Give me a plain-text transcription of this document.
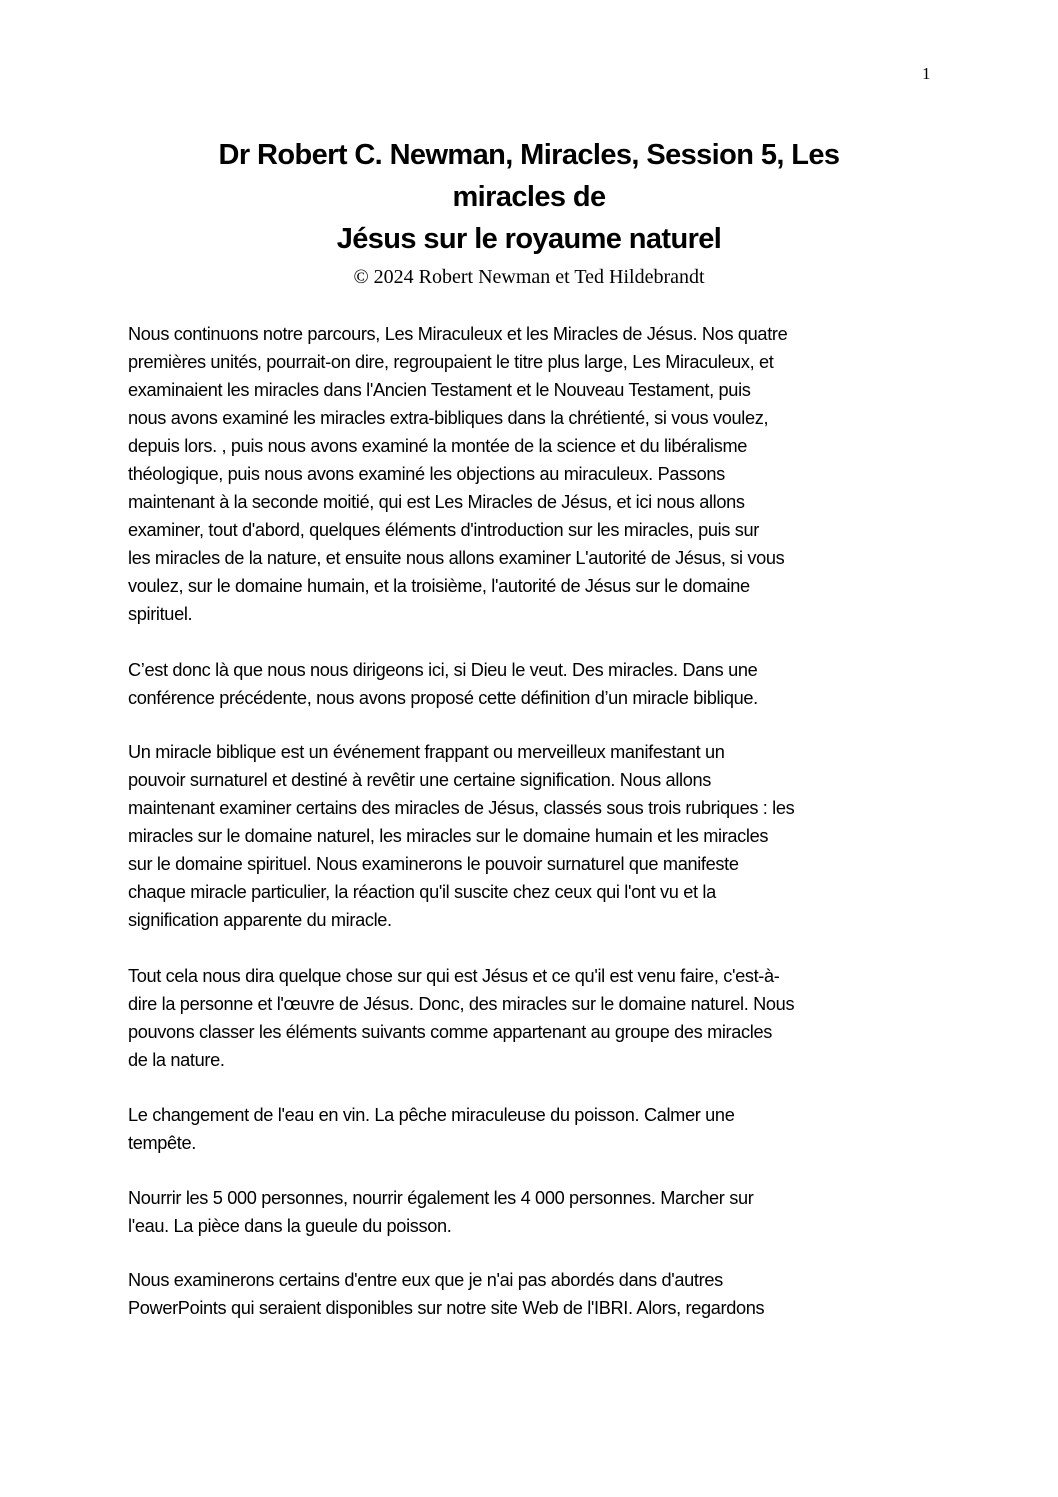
1
Dr Robert C. Newman, Miracles, Session 5, Les
miracles de
Jésus sur le royaume naturel
© 2024 Robert Newman et Ted Hildebrandt
Nous continuons notre parcours, Les Miraculeux et les Miracles de Jésus. Nos quatre
premières unités, pourrait-on dire, regroupaient le titre plus large, Les Miraculeux, et
examinaient les miracles dans l'Ancien Testament et le Nouveau Testament, puis
nous avons examiné les miracles extra-bibliques dans la chrétienté, si vous voulez,
depuis lors. , puis nous avons examiné la montée de la science et du libéralisme
théologique, puis nous avons examiné les objections au miraculeux. Passons
maintenant à la seconde moitié, qui est Les Miracles de Jésus, et ici nous allons
examiner, tout d'abord, quelques éléments d'introduction sur les miracles, puis sur
les miracles de la nature, et ensuite nous allons examiner L'autorité de Jésus, si vous
voulez, sur le domaine humain, et la troisième, l'autorité de Jésus sur le domaine
spirituel.
C’est donc là que nous nous dirigeons ici, si Dieu le veut. Des miracles. Dans une
conférence précédente, nous avons proposé cette définition d’un miracle biblique.
Un miracle biblique est un événement frappant ou merveilleux manifestant un
pouvoir surnaturel et destiné à revêtir une certaine signification. Nous allons
maintenant examiner certains des miracles de Jésus, classés sous trois rubriques : les
miracles sur le domaine naturel, les miracles sur le domaine humain et les miracles
sur le domaine spirituel. Nous examinerons le pouvoir surnaturel que manifeste
chaque miracle particulier, la réaction qu'il suscite chez ceux qui l'ont vu et la
signification apparente du miracle.
Tout cela nous dira quelque chose sur qui est Jésus et ce qu'il est venu faire, c'est-à-
dire la personne et l'œuvre de Jésus. Donc, des miracles sur le domaine naturel. Nous
pouvons classer les éléments suivants comme appartenant au groupe des miracles
de la nature.
Le changement de l'eau en vin. La pêche miraculeuse du poisson. Calmer une
tempête.
Nourrir les 5 000 personnes, nourrir également les 4 000 personnes. Marcher sur
l'eau. La pièce dans la gueule du poisson.
Nous examinerons certains d'entre eux que je n'ai pas abordés dans d'autres
PowerPoints qui seraient disponibles sur notre site Web de l'IBRI. Alors, regardons
